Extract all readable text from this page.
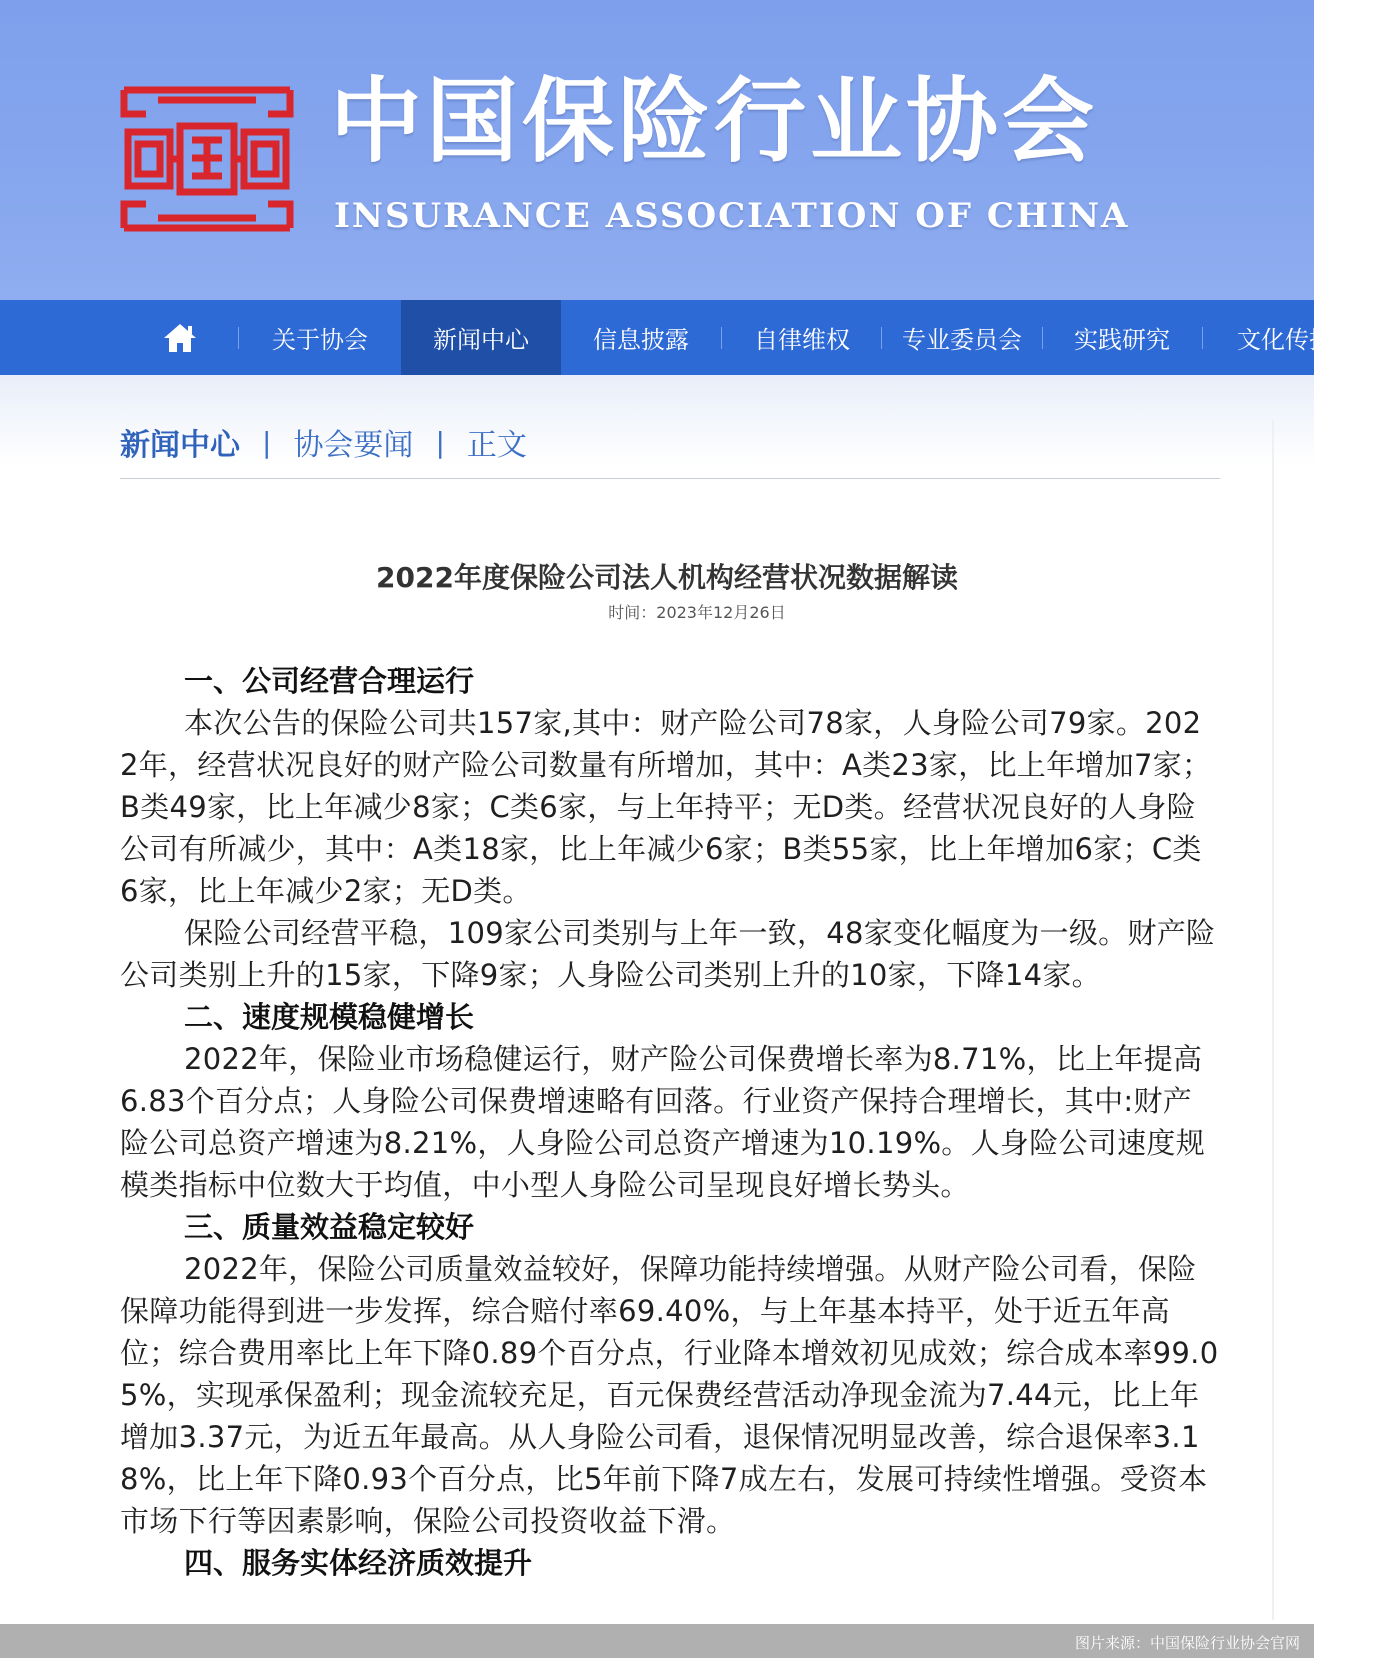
中国保险行业协会
INSURANCE ASSOCIATION OF CHINA
关于协会	新闻中心	信息披露	自律维权	专业委员会	实践研究	文化传播
新闻中心 | 协会要闻 | 正文
2022年度保险公司法人机构经营状况数据解读
时间：2023年12月26日
一、公司经营合理运行

本次公告的保险公司共157家,其中：财产险公司78家，人身险公司79家。2022年，经营状况良好的财产险公司数量有所增加，其中：A类23家，比上年增加7家；B类49家，比上年减少8家；C类6家，与上年持平；无D类。经营状况良好的人身险公司有所减少，其中：A类18家，比上年减少6家；B类55家，比上年增加6家；C类6家，比上年减少2家；无D类。

保险公司经营平稳，109家公司类别与上年一致，48家变化幅度为一级。财产险公司类别上升的15家，下降9家；人身险公司类别上升的10家，下降14家。

二、速度规模稳健增长

2022年，保险业市场稳健运行，财产险公司保费增长率为8.71%，比上年提高6.83个百分点；人身险公司保费增速略有回落。行业资产保持合理增长，其中:财产险公司总资产增速为8.21%，人身险公司总资产增速为10.19%。人身险公司速度规模类指标中位数大于均值，中小型人身险公司呈现良好增长势头。

三、质量效益稳定较好

2022年，保险公司质量效益较好，保障功能持续增强。从财产险公司看，保险保障功能得到进一步发挥，综合赔付率69.40%，与上年基本持平，处于近五年高位；综合费用率比上年下降0.89个百分点，行业降本增效初见成效；综合成本率99.05%，实现承保盈利；现金流较充足，百元保费经营活动净现金流为7.44元，比上年增加3.37元，为近五年最高。从人身险公司看，退保情况明显改善，综合退保率3.18%，比上年下降0.93个百分点，比5年前下降7成左右，发展可持续性增强。受资本市场下行等因素影响，保险公司投资收益下滑。

四、服务实体经济质效提升
图片来源：中国保险行业协会官网
